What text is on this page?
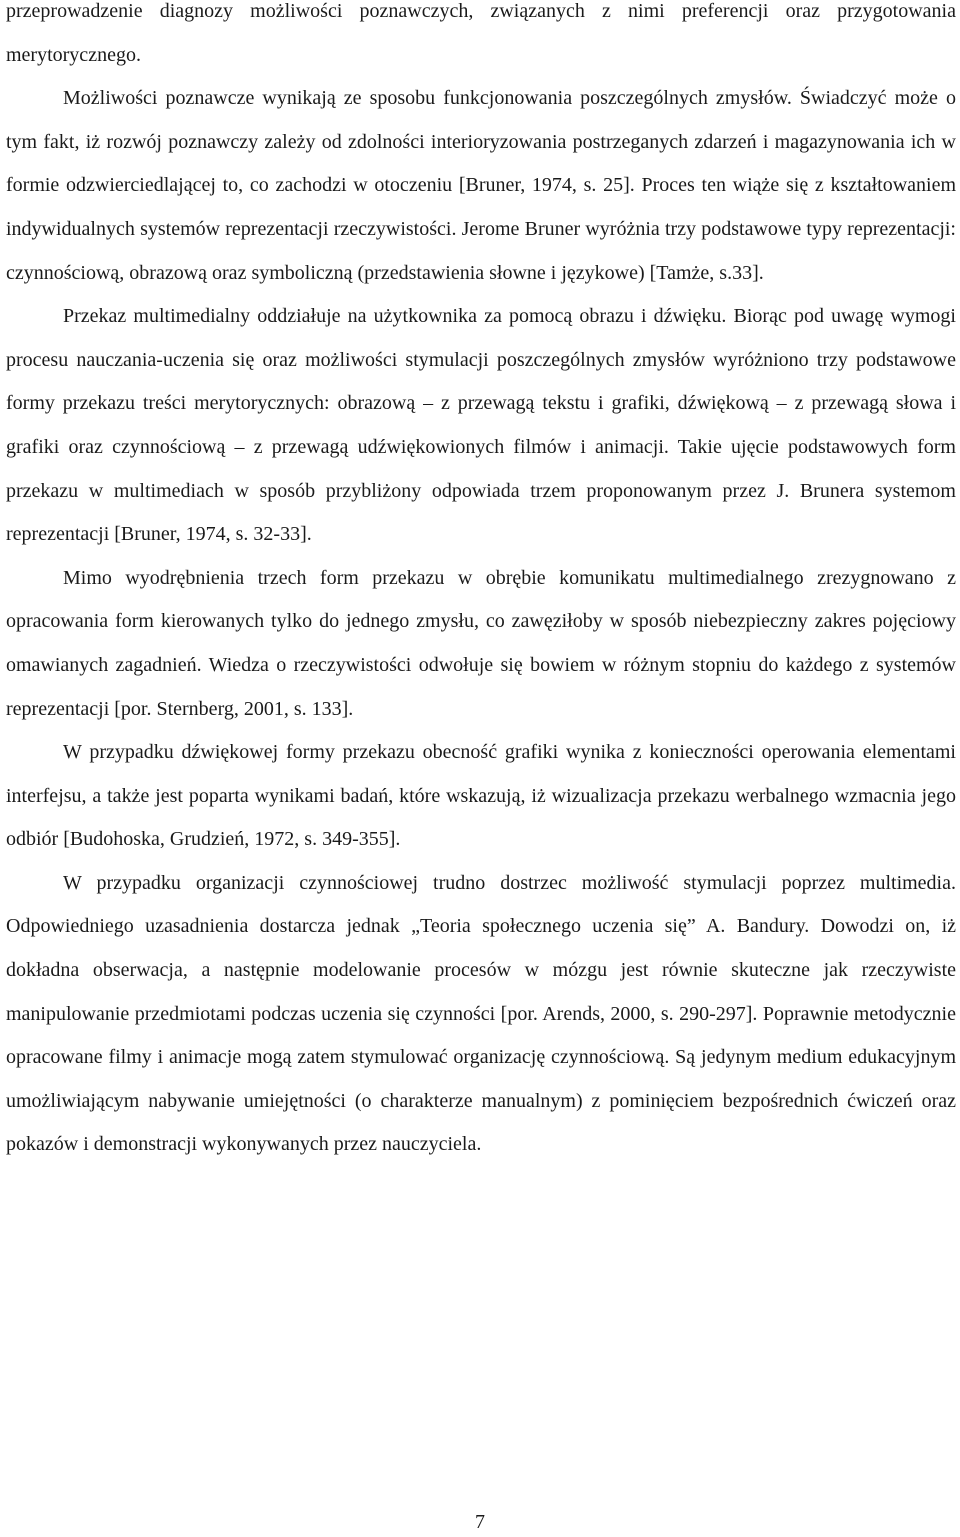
przeprowadzenie diagnozy możliwości poznawczych, związanych z nimi preferencji oraz przygotowania merytorycznego.

Możliwości poznawcze wynikają ze sposobu funkcjonowania poszczególnych zmysłów. Świadczyć może o tym fakt, iż rozwój poznawczy zależy od zdolności interioryzowania postrzeganych zdarzeń i magazynowania ich w formie odzwierciedlającej to, co zachodzi w otoczeniu [Bruner, 1974, s. 25]. Proces ten wiąże się z kształtowaniem indywidualnych systemów reprezentacji rzeczywistości. Jerome Bruner wyróżnia trzy podstawowe typy reprezentacji: czynnościową, obrazową oraz symboliczną (przedstawienia słowne i językowe) [Tamże, s.33].

Przekaz multimedialny oddziałuje na użytkownika za pomocą obrazu i dźwięku. Biorąc pod uwagę wymogi procesu nauczania-uczenia się oraz możliwości stymulacji poszczególnych zmysłów wyróżniono trzy podstawowe formy przekazu treści merytorycznych: obrazową – z przewagą tekstu i grafiki, dźwiękową – z przewagą słowa i grafiki oraz czynnościową – z przewagą udźwiękowionych filmów i animacji. Takie ujęcie podstawowych form przekazu w multimediach w sposób przybliżony odpowiada trzem proponowanym przez J. Brunera systemom reprezentacji [Bruner, 1974, s. 32-33].

Mimo wyodrębnienia trzech form przekazu w obrębie komunikatu multimedialnego zrezygnowano z opracowania form kierowanych tylko do jednego zmysłu, co zawęziłoby w sposób niebezpieczny zakres pojęciowy omawianych zagadnień. Wiedza o rzeczywistości odwołuje się bowiem w różnym stopniu do każdego z systemów reprezentacji [por. Sternberg, 2001, s. 133].

W przypadku dźwiękowej formy przekazu obecność grafiki wynika z konieczności operowania elementami interfejsu, a także jest poparta wynikami badań, które wskazują, iż wizualizacja przekazu werbalnego wzmacnia jego odbiór [Budohoska, Grudzień, 1972, s. 349-355].

W przypadku organizacji czynnościowej trudno dostrzec możliwość stymulacji poprzez multimedia. Odpowiedniego uzasadnienia dostarcza jednak „Teoria społecznego uczenia się” A. Bandury. Dowodzi on, iż dokładna obserwacja, a następnie modelowanie procesów w mózgu jest równie skuteczne jak rzeczywiste manipulowanie przedmiotami podczas uczenia się czynności [por. Arends, 2000, s. 290-297]. Poprawnie metodycznie opracowane filmy i animacje mogą zatem stymulować organizację czynnościową. Są jedynym medium edukacyjnym umożliwiającym nabywanie umiejętności (o charakterze manualnym) z pominięciem bezpośrednich ćwiczeń oraz pokazów i demonstracji wykonywanych przez nauczyciela.

7
